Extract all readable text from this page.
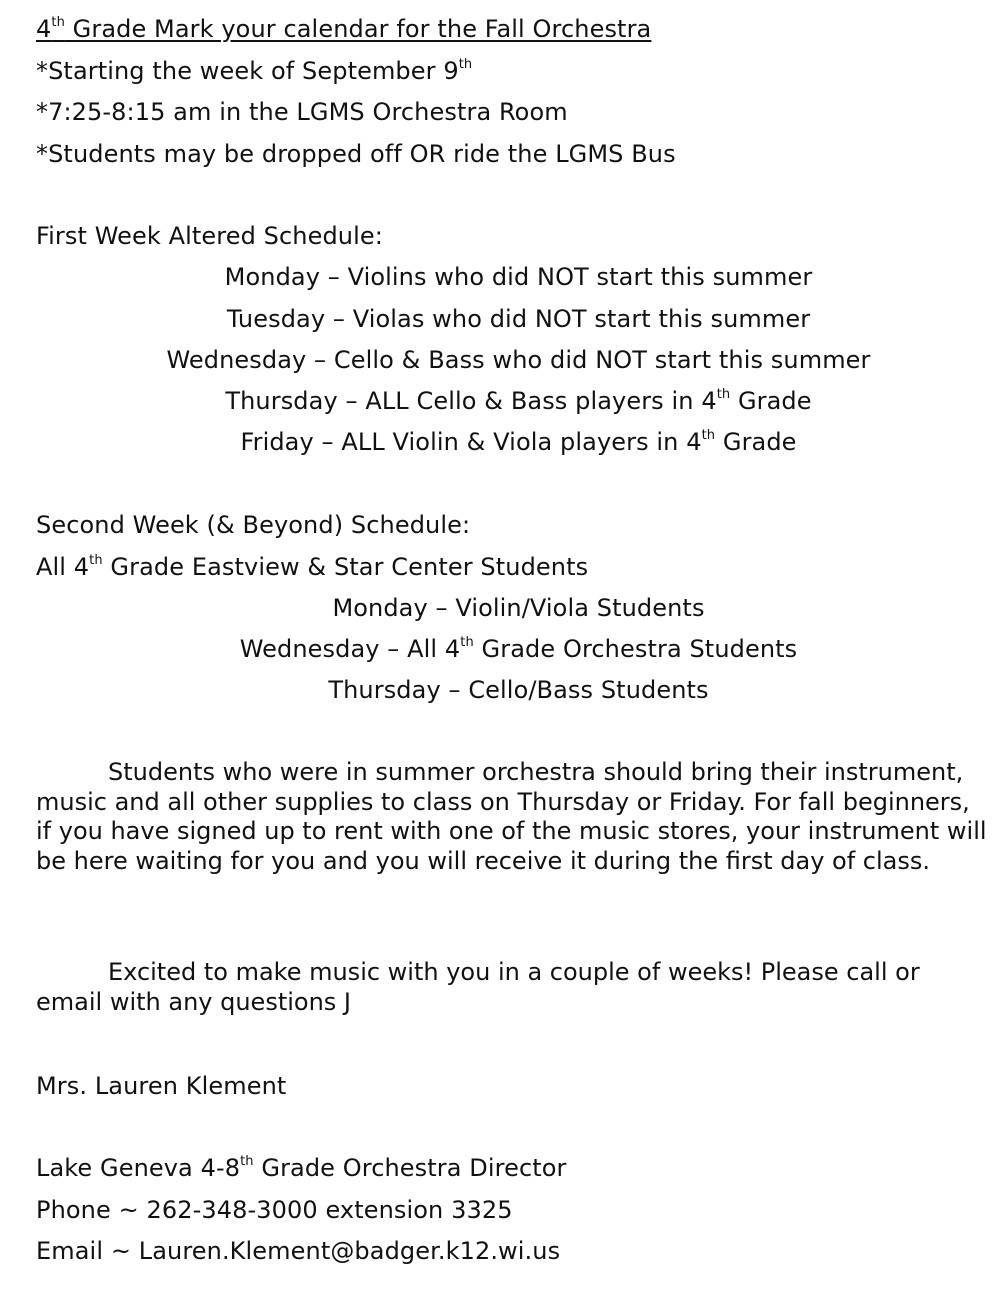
4th Grade Mark your calendar for the Fall Orchestra
*Starting the week of September 9th
*7:25-8:15 am in the LGMS Orchestra Room
*Students may be dropped off OR ride the LGMS Bus
First Week Altered Schedule:
Monday – Violins who did NOT start this summer
Tuesday – Violas who did NOT start this summer
Wednesday – Cello & Bass who did NOT start this summer
Thursday – ALL Cello & Bass players in 4th Grade
Friday – ALL Violin & Viola players in 4th Grade
Second Week (& Beyond) Schedule:
All 4th Grade Eastview & Star Center Students
Monday – Violin/Viola Students
Wednesday – All 4th Grade Orchestra Students
Thursday – Cello/Bass Students
Students who were in summer orchestra should bring their instrument, music and all other supplies to class on Thursday or Friday. For fall beginners, if you have signed up to rent with one of the music stores, your instrument will be here waiting for you and you will receive it during the first day of class.
Excited to make music with you in a couple of weeks! Please call or email with any questions J
Mrs. Lauren Klement
Lake Geneva 4-8th Grade Orchestra Director
Phone ~ 262-348-3000 extension 3325
Email ~ Lauren.Klement@badger.k12.wi.us
